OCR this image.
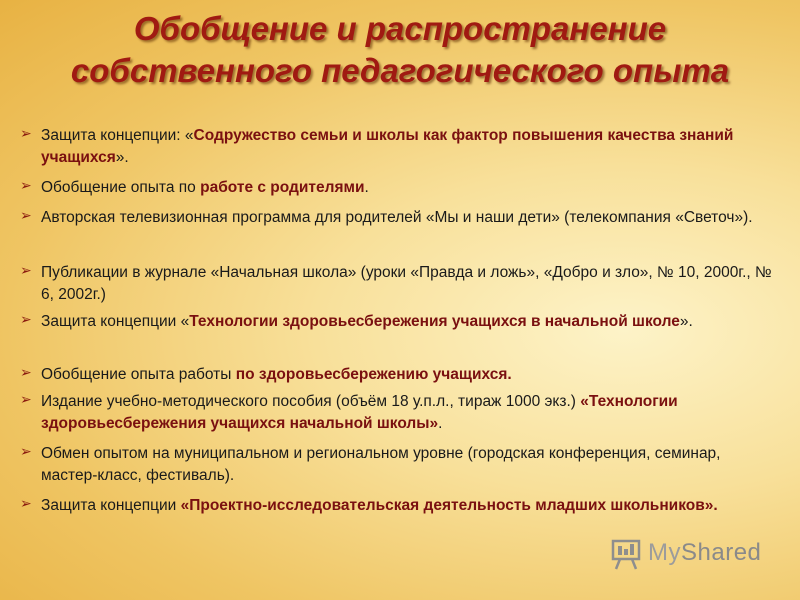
Обобщение и распространение
собственного педагогического опыта
➢ Защита концепции: «Содружество семьи и школы как фактор повышения качества знаний учащихся».
➢ Обобщение опыта по работе с родителями.
➢ Авторская телевизионная программа для родителей «Мы и наши дети» (телекомпания «Светоч»).
➢ Публикации в журнале «Начальная школа» (уроки «Правда и ложь», «Добро и зло», № 10, 2000г., № 6, 2002г.)
➢ Защита концепции «Технологии здоровьесбережения учащихся в начальной школе».
➢ Обобщение опыта работы по здоровьесбережению учащихся.
➢ Издание учебно-методического пособия (объём 18 у.п.л., тираж 1000 экз.) «Технологии здоровьесбережения учащихся начальной школы».
➢ Обмен опытом на муниципальном и региональном уровне (городская конференция, семинар, мастер-класс, фестиваль).
➢ Защита концепции «Проектно-исследовательская деятельность младших школьников».
MyShared
